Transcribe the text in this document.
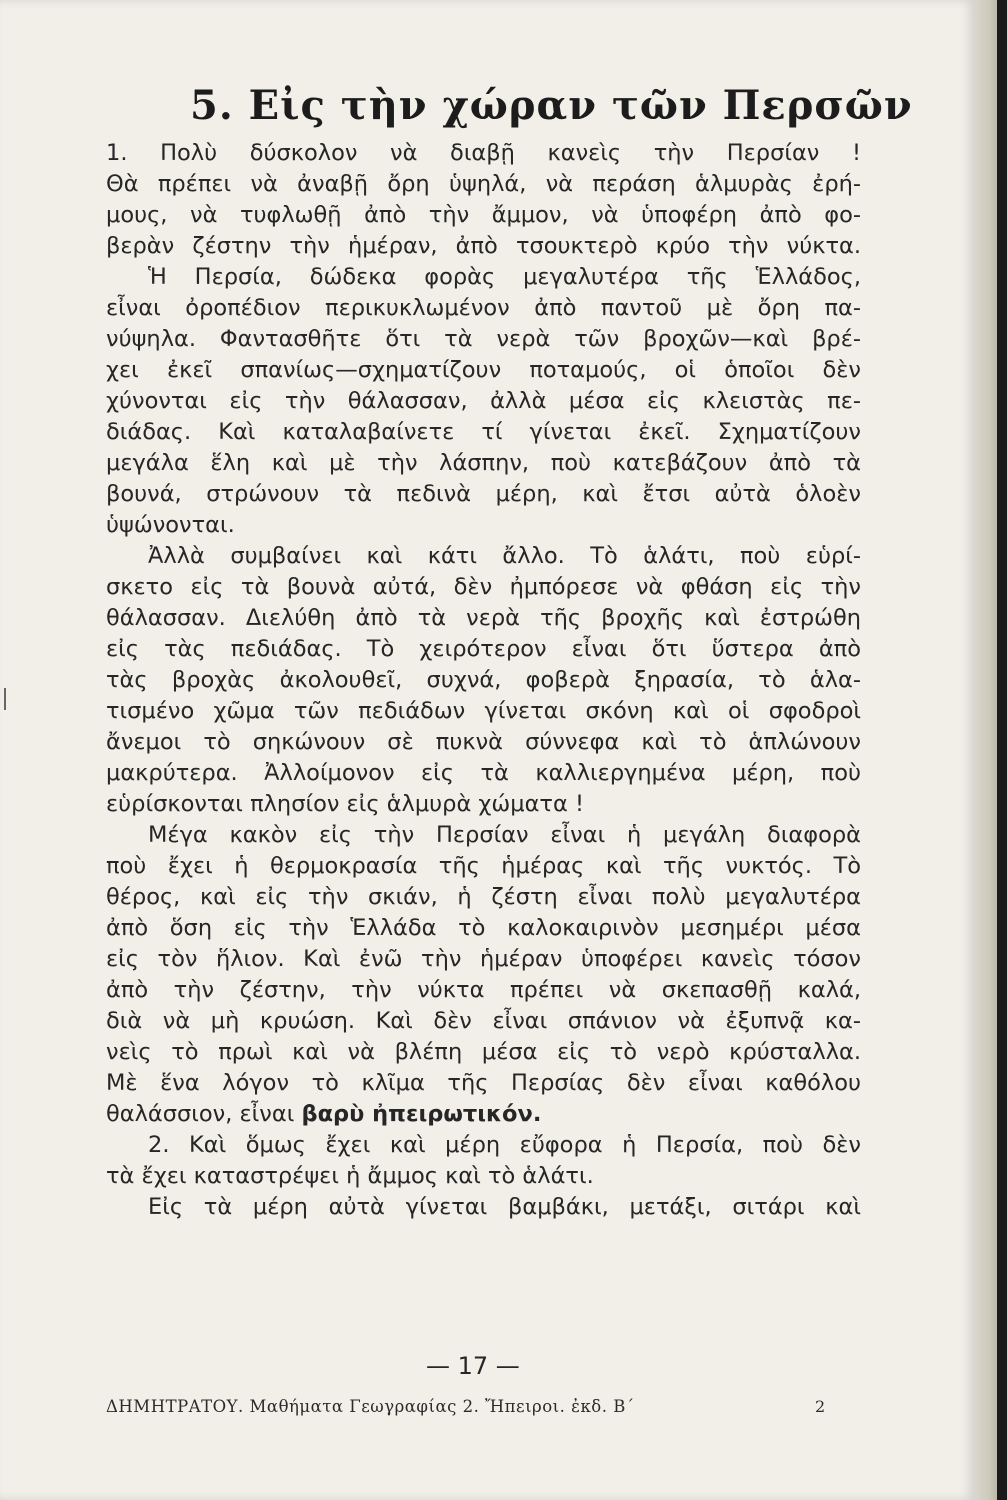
5. Εἰς τὴν χώραν τῶν Περσῶν
1. Πολὺ δύσκολον νὰ διαβῇ κανεὶς τὴν Περσίαν !
Θὰ πρέπει νὰ ἀναβῇ ὄρη ὑψηλά, νὰ περάση ἁλμυρὰς ἐρή-
μους, νὰ τυφλωθῇ ἀπὸ τὴν ἄμμον, νὰ ὑποφέρη ἀπὸ φο-
βερὰν ζέστην τὴν ἡμέραν, ἀπὸ τσουκτερὸ κρύο τὴν νύκτα.
Ἡ Περσία, δώδεκα φορὰς μεγαλυτέρα τῆς Ἑλλάδος,
εἶναι ὀροπέδιον περικυκλωμένον ἀπὸ παντοῦ μὲ ὄρη πα-
νύψηλα. Φαντασθῆτε ὅτι τὰ νερὰ τῶν βροχῶν—καὶ βρέ-
χει ἐκεῖ σπανίως—σχηματίζουν ποταμούς, οἱ ὁποῖοι δὲν
χύνονται εἰς τὴν θάλασσαν, ἀλλὰ μέσα εἰς κλειστὰς πε-
διάδας. Καὶ καταλαβαίνετε τί γίνεται ἐκεῖ. Σχηματίζουν
μεγάλα ἕλη καὶ μὲ τὴν λάσπην, ποὺ κατεβάζουν ἀπὸ τὰ
βουνά, στρώνουν τὰ πεδινὰ μέρη, καὶ ἔτσι αὐτὰ ὁλοὲν
ὑψώνονται.
Ἀλλὰ συμβαίνει καὶ κάτι ἄλλο. Τὸ ἁλάτι, ποὺ εὑρί-
σκετο εἰς τὰ βουνὰ αὐτά, δὲν ἠμπόρεσε νὰ φθάση εἰς τὴν
θάλασσαν. Διελύθη ἀπὸ τὰ νερὰ τῆς βροχῆς καὶ ἐστρώθη
εἰς τὰς πεδιάδας. Τὸ χειρότερον εἶναι ὅτι ὕστερα ἀπὸ
τὰς βροχὰς ἀκολουθεῖ, συχνά, φοβερὰ ξηρασία, τὸ ἁλα-
τισμένο χῶμα τῶν πεδιάδων γίνεται σκόνη καὶ οἱ σφοδροὶ
ἄνεμοι τὸ σηκώνουν σὲ πυκνὰ σύννεφα καὶ τὸ ἁπλώνουν
μακρύτερα. Ἀλλοίμονον εἰς τὰ καλλιεργημένα μέρη, ποὺ
εὑρίσκονται πλησίον εἰς ἁλμυρὰ χώματα !
Μέγα κακὸν εἰς τὴν Περσίαν εἶναι ἡ μεγάλη διαφορὰ
ποὺ ἔχει ἡ θερμοκρασία τῆς ἡμέρας καὶ τῆς νυκτός. Τὸ
θέρος, καὶ εἰς τὴν σκιάν, ἡ ζέστη εἶναι πολὺ μεγαλυτέρα
ἀπὸ ὅση εἰς τὴν Ἑλλάδα τὸ καλοκαιρινὸν μεσημέρι μέσα
εἰς τὸν ἥλιον. Καὶ ἐνῶ τὴν ἡμέραν ὑποφέρει κανεὶς τόσον
ἀπὸ τὴν ζέστην, τὴν νύκτα πρέπει νὰ σκεπασθῇ καλά,
διὰ νὰ μὴ κρυώση. Καὶ δὲν εἶναι σπάνιον νὰ ἐξυπνᾷ κα-
νεὶς τὸ πρωὶ καὶ νὰ βλέπη μέσα εἰς τὸ νερὸ κρύσταλλα.
Μὲ ἕνα λόγον τὸ κλῖμα τῆς Περσίας δὲν εἶναι καθόλου
θαλάσσιον, εἶναι βαρὺ ἠπειρωτικόν.
2. Καὶ ὅμως ἔχει καὶ μέρη εὔφορα ἡ Περσία, ποὺ δὲν
τὰ ἔχει καταστρέψει ἡ ἄμμος καὶ τὸ ἁλάτι.
Εἰς τὰ μέρη αὐτὰ γίνεται βαμβάκι, μετάξι, σιτάρι καὶ
— 17 —
ΔΗΜΗΤΡΑΤΟΥ. Μαθήματα Γεωγραφίας 2. Ἤπειροι. ἐκδ. Β΄	2
